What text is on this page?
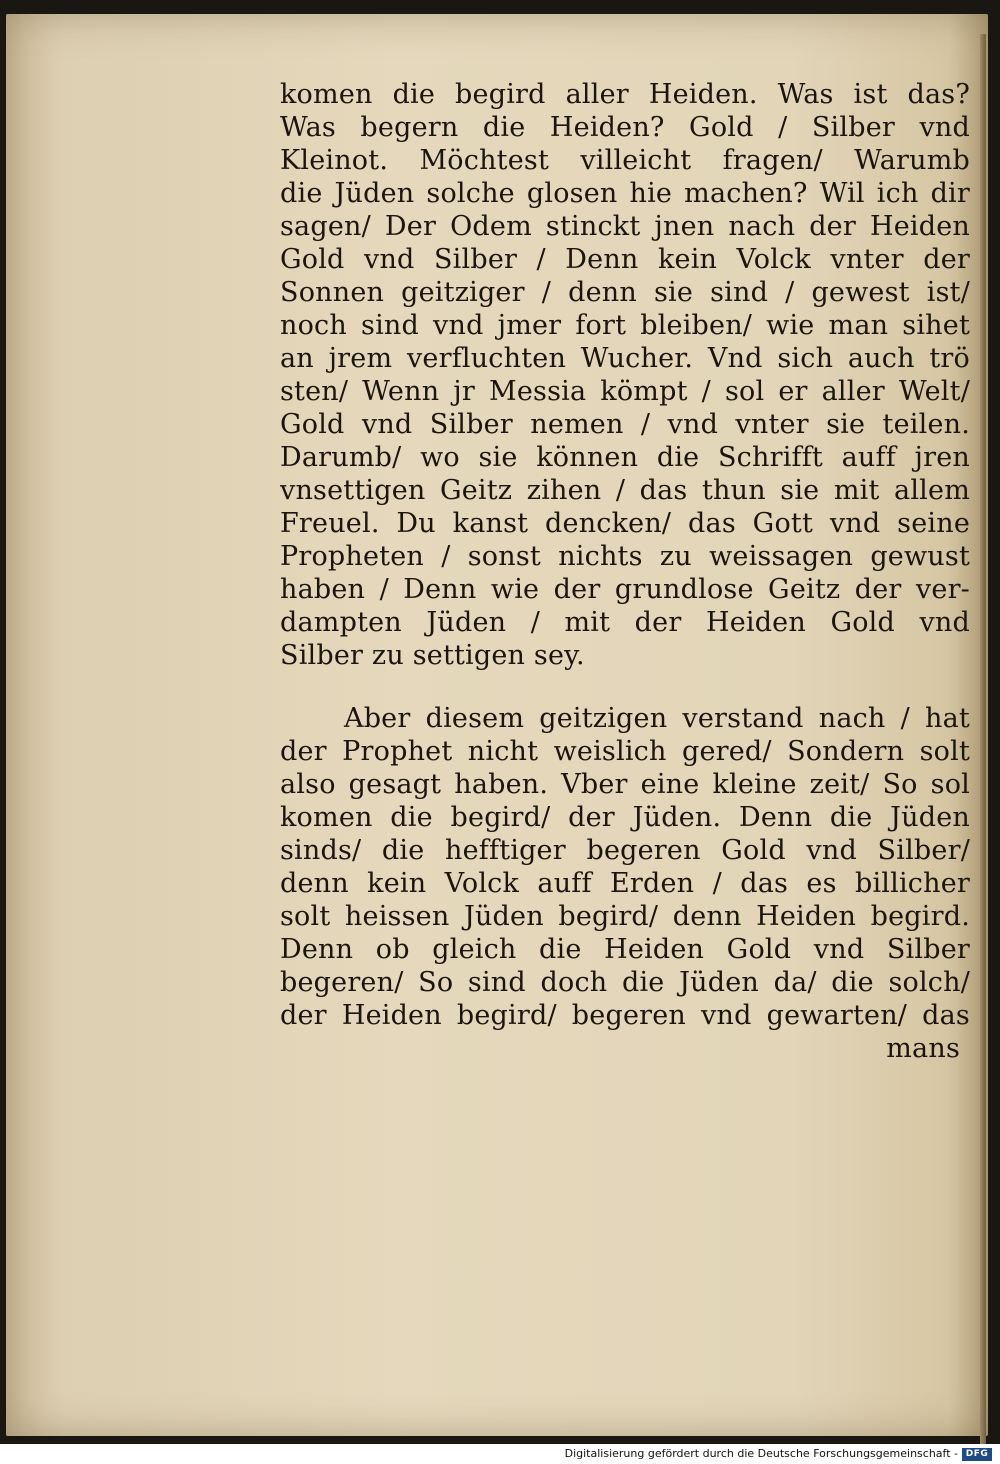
komen die begird aller Heiden. Was ist das?
Was begern die Heiden? Gold / Silber vnd
Kleinot. Möchtest villeicht fragen/ Warumb
die Jüden solche glosen hie machen? Wil ich dir
sagen/ Der Odem stinckt jnen nach der Heiden
Gold vnd Silber / Denn kein Volck vnter der
Sonnen geitziger / denn sie sind / gewest ist/
noch sind vnd jmer fort bleiben/ wie man sihet
an jrem verfluchten Wucher. Vnd sich auch trö
sten/ Wenn jr Messia kömpt / sol er aller Welt/
Gold vnd Silber nemen / vnd vnter sie teilen.
Darumb/ wo sie können die Schrifft auff jren
vnsettigen Geitz zihen / das thun sie mit allem
Freuel. Du kanst dencken/ das Gott vnd seine
Propheten / sonst nichts zu weissagen gewust
haben / Denn wie der grundlose Geitz der ver-
dampten Jüden / mit der Heiden Gold vnd
Silber zu settigen sey.
Aber diesem geitzigen verstand nach / hat
der Prophet nicht weislich gered/ Sondern solt
also gesagt haben. Vber eine kleine zeit/ So sol
komen die begird/ der Jüden. Denn die Jüden
sinds/ die hefftiger begeren Gold vnd Silber/
denn kein Volck auff Erden / das es billicher
solt heissen Jüden begird/ denn Heiden begird.
Denn ob gleich die Heiden Gold vnd Silber
begeren/ So sind doch die Jüden da/ die solch/
der Heiden begird/ begeren vnd gewarten/ das
mans
Digitalisierung gefördert durch die Deutsche Forschungsgemeinschaft - DFG
